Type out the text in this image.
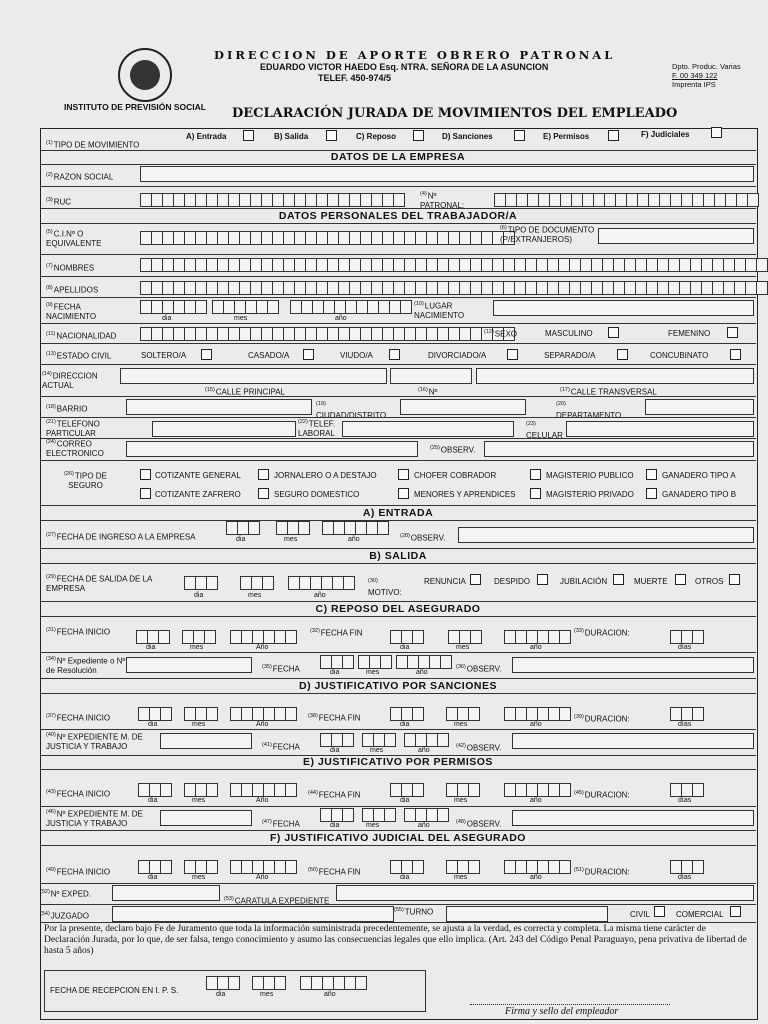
DIRECCION DE APORTE OBRERO PATRONAL
EDUARDO VICTOR HAEDO Esq. NTRA. SEÑORA DE LA ASUNCION
TELEF. 450-974/5
Dpto. Produc. Varias
F. 00 349 122
Imprenta IPS
INSTITUTO DE PREVISIÓN SOCIAL DECLARACIÓN JURADA DE MOVIMIENTOS DEL EMPLEADO
$^{(1)}$TIPO DE MOVIMIENTO
A) Entrada	B) Salida	C) Reposo	D) Sanciones	E) Permisos	F) Judiciales
DATOS DE LA EMPRESA
$^{(2)}$RAZON SOCIAL
$^{(3)}$RUC
$^{(4)}$Nº PATRONAL:
DATOS PERSONALES DEL TRABAJADOR/A
$^{(5)}$C.I.Nº O EQUIVALENTE
$^{(6)}$TIPO DE DOCUMENTO (P/EXTRANJEROS)
$^{(7)}$NOMBRES
$^{(8)}$APELLIDOS
$^{(9)}$FECHA NACIMIENTO	dia	mes	año
$^{(10)}$LUGAR NACIMIENTO
$^{(11)}$NACIONALIDAD	$^{(12)}$SEXO	MASCULINO	FEMENINO
$^{(13)}$ESTADO CIVIL	SOLTERO/A	CASADO/A	VIUDO/A	DIVORCIADO/A	SEPARADO/A	CONCUBINATO
$^{(14)}$DIRECCION ACTUAL
$^{(15)}$CALLE PRINCIPAL	$^{(16)}$Nº	$^{(17)}$CALLE TRANSVERSAL
$^{(18)}$BARRIO
$^{(19)}$
CIUDAD/DISTRITO
$^{(20)}$
DEPARTAMENTO
$^{(21)}$TELEFONO PARTICULAR
$^{(22)}$TELEF. LABORAL
$^{(23)}$
CELULAR
$^{(24)}$CORREO ELECTRONICO
$^{(25)}$OBSERV.
$^{(26)}$TIPO DE SEGURO
COTIZANTE GENERAL	JORNALERO O A DESTAJO	CHOFER COBRADOR	MAGISTERIO PUBLICO	GANADERO TIPO A
COTIZANTE ZAFRERO	SEGURO DOMESTICO	MENORES Y APRENDICES	MAGISTERIO PRIVADO	GANADERO TIPO B
A) ENTRADA
$^{(27)}$FECHA DE INGRESO A LA EMPRESA	dia	mes	año	$^{(28)}$OBSERV.
B) SALIDA
$^{(29)}$FECHA DE SALIDA DE LA EMPRESA
dia	mes	año
$^{(30)}$
MOTIVO:
RENUNCIA	DESPIDO	JUBILACIÓN	MUERTE	OTROS
C) REPOSO DEL ASEGURADO
$^{(31)}$FECHA INICIO
dia	mes	Año
$^{(32)}$FECHA FIN
dia	mes	año
$^{(33)}$DURACION:
días
$^{(34)}$Nº Expediente o Nº de Resolución	$^{(35)}$FECHA	dia	mes	año
$^{(36)}$OBSERV.
D) JUSTIFICATIVO POR SANCIONES
$^{(37)}$FECHA INICIO
dia	mes	Año
$^{(38)}$FECHA FIN
dia	mes	año
$^{(39)}$DURACION:
días
$^{(40)}$Nº EXPEDIENTE M. DE JUSTICIA Y TRABAJO	$^{(41)}$FECHA	dia	mes	año
$^{(42)}$OBSERV.
E) JUSTIFICATIVO POR PERMISOS
$^{(43)}$FECHA INICIO
dia	mes	Año
$^{(44)}$FECHA FIN
dia	mes	año
$^{(45)}$DURACION:
días
$^{(46)}$Nº EXPEDIENTE M. DE JUSTICIA Y TRABAJO	$^{(47)}$FECHA	dia	mes	año	$^{(48)}$OBSERV.
F) JUSTIFICATIVO JUDICIAL DEL ASEGURADO
$^{(49)}$FECHA INICIO
dia	mes	Año
$^{(50)}$FECHA FIN
dia	mes	año
$^{(51)}$DURACION:
días
$^{(52)}$Nº EXPED.
$^{(53)}$CARATULA EXPEDIENTE
$^{(54)}$JUZGADO
$^{(55)}$TURNO	CIVIL	COMERCIAL
Por la presente, declaro bajo Fe de Juramento que toda la información suministrada precedentemente, se ajusta a la verdad, es correcta y completa. La misma tiene carácter de Declaración Jurada, por lo que, de ser falsa, tengo conocimiento y asumo las consecuencias legales que ello implica. (Art. 243 del Código Penal Paraguayo, pena privativa de libertad de hasta 5 años)
FECHA DE RECEPCION EN I. P. S.	dia	mes	año
Firma y sello del empleador
